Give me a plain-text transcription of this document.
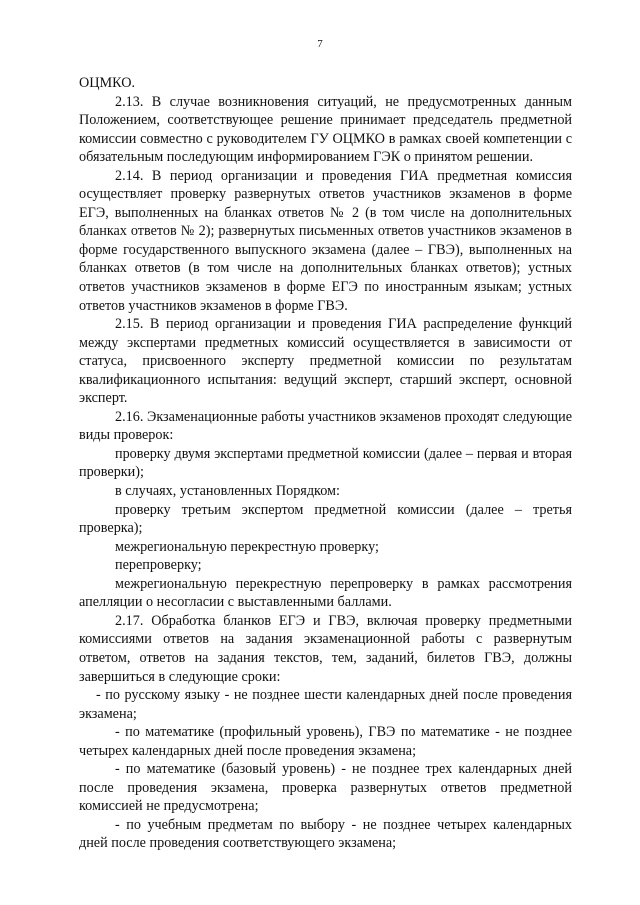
7

ОЦМКО.

2.13. В случае возникновения ситуаций, не предусмотренных данным Положением, соответствующее решение принимает председатель предметной комиссии совместно с руководителем ГУ ОЦМКО в рамках своей компетенции с обязательным последующим информированием ГЭК о принятом решении.

2.14. В период организации и проведения ГИА предметная комиссия осуществляет проверку развернутых ответов участников экзаменов в форме ЕГЭ, выполненных на бланках ответов № 2 (в том числе на дополнительных бланках ответов № 2); развернутых письменных ответов участников экзаменов в форме государственного выпускного экзамена (далее – ГВЭ), выполненных на бланках ответов (в том числе на дополнительных бланках ответов); устных ответов участников экзаменов в форме ЕГЭ по иностранным языкам; устных ответов участников экзаменов в форме ГВЭ.

2.15. В период организации и проведения ГИА распределение функций между экспертами предметных комиссий осуществляется в зависимости от статуса, присвоенного эксперту предметной комиссии по результатам квалификационного испытания: ведущий эксперт, старший эксперт, основной эксперт.

2.16. Экзаменационные работы участников экзаменов проходят следующие виды проверок:

проверку двумя экспертами предметной комиссии (далее – первая и вторая проверки);

в случаях, установленных Порядком:

проверку третьим экспертом предметной комиссии (далее – третья проверка);

межрегиональную перекрестную проверку;

перепроверку;

межрегиональную перекрестную перепроверку в рамках рассмотрения апелляции о несогласии с выставленными баллами.

2.17. Обработка бланков ЕГЭ и ГВЭ, включая проверку предметными комиссиями ответов на задания экзаменационной работы с развернутым ответом, ответов на задания текстов, тем, заданий, билетов ГВЭ, должны завершиться в следующие сроки:

- по русскому языку - не позднее шести календарных дней после проведения экзамена;

- по математике (профильный уровень), ГВЭ по математике - не позднее четырех календарных дней после проведения экзамена;

- по математике (базовый уровень) - не позднее трех календарных дней после проведения экзамена, проверка развернутых ответов предметной комиссией не предусмотрена;

- по учебным предметам по выбору - не позднее четырех календарных дней после проведения соответствующего экзамена;
